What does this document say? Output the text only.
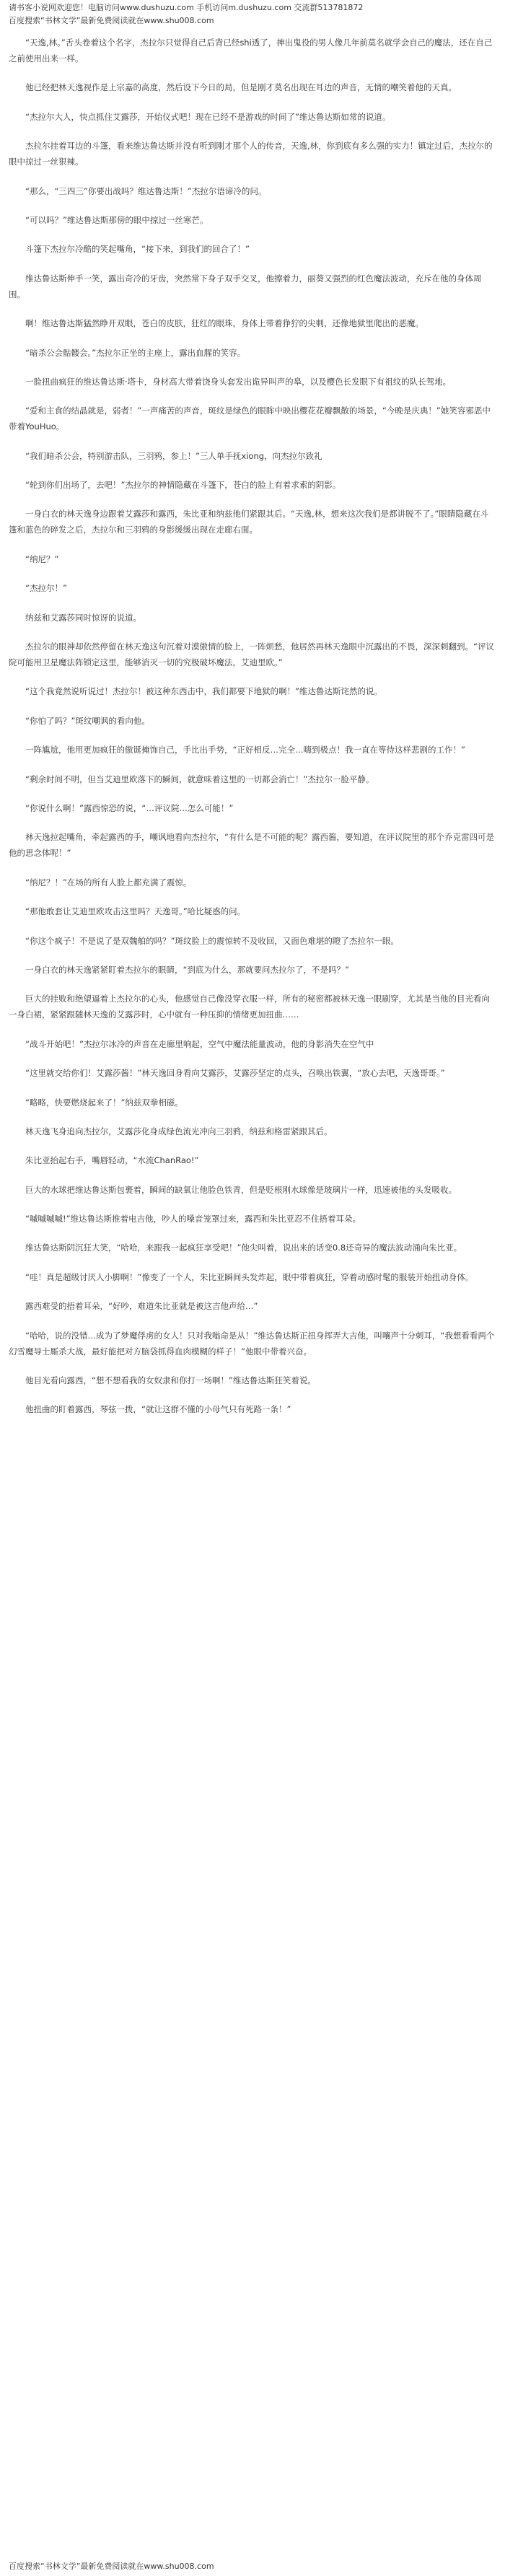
请书客小说网欢迎您！电脑访问www.dushuzu.com 手机访问m.dushuzu.com 交流群513781872
百度搜索“书林文学”最新免费阅读就在www.shu008.com

“天逸,林。”舌头卷着这个名字，杰拉尔只觉得自己后背已经shi透了，抻出鬼役的男人像几年前莫名就学会自己的魔法，还在自己之前使用出来一样。

他已经把林天逸视作是上宗嘉的高度，然后设下今日的局，但是刚才莫名出现在耳边的声音，无情的嘲笑着他的天真。

“杰拉尔大人，快点抓住艾露莎，开始仪式吧！现在已经不是游戏的时间了”维达鲁达斯如常的说道。

杰拉尔挂着耳边的斗篷，看来维达鲁达斯并没有听到刚才那个人的传音，天逸,林，你到底有多么强的实力！镇定过后，杰拉尔的眼中掠过一丝狠辣。

“那么，“三四三”你要出战吗？维达鲁达斯！”杰拉尔语谛冷的问。

“可以吗？”维达鲁达斯那傍的眼中掠过一丝寒芒。

斗篷下杰拉尔冷酷的笑起嘴角，“接下来，到我们的回合了！”

维达鲁达斯伸手一笑，露出奇冷的牙齿，突然常下身子双手交叉，他擦着力，丽葵又强烈的红色魔法波动，充斥在他的身体周围。

啊！维达鲁达斯猛然睁开双眼，苍白的皮肤，狂红的眼珠，身体上带着狰狞的尖刺，还像地狱里爬出的恶魔。

“暗杀公会骷髅会。”杰拉尔正坐的主座上，露出血腥的笑容。

一脸扭曲疯狂的维达鲁达斯·塔卡，身材高大带着饶身头套发出诡异叫声的皋，以及樱色长发眼下有祖纹的队长驾地。

“爱和主食的结晶就是，弱者！”一声痛苦的声音，斑纹是绿色的眼眸中映出樱花花瓣飘散的场景，“今晚是庆典！”她笑容邪恶中带着YouHuo。

“我们暗杀公会，特别游击队，三羽鸦，参上！”三人单手抚xiong，向杰拉尔致礼

“轮到你们出场了，去吧！”杰拉尔的神情隐藏在斗篷下，苍白的脸上有着求索的阴影。

一身白衣的林天逸身边跟着艾露莎和露西，朱比亚和纳兹他们紧跟其后。“天逸,林，想来这次我们是都讲脱不了。”眼睛隐藏在斗篷和蓝色的碎发之后，杰拉尔和三羽鸦的身影缓缓出现在走廊右面。

“纳尼？”

“杰拉尔！”

纳兹和艾露莎同时惊讶的说道。

杰拉尔的眼神却依然停留在林天逸这句沉着对漠傲情的脸上，一阵烦愁，他居然再林天逸眼中沉露出的不畏，深深刺翻到。“评议院可能用卫星魔法阵锁定这里，能够消灭一切的究极破坏魔法，艾迪里欧。”

“这个我竟然说听说过！杰拉尔！被这种东西击中，我们都要下地狱的啊！”维达鲁达斯诧然的说。

“你怕了吗？”斑纹嘲讽的看向他。

一阵尴尬，他用更加疯狂的傲诞掩饰自己，手比出手势，“正好相反…完全…嗨到极点！我一直在等待这样悲剧的工作！”

“剩余时间不明，但当艾迪里欧落下的瞬间，就意味着这里的一切都会消亡！”杰拉尔一脸平静。

“你说什么啊！”露西惊恐的说，“…评议院…怎么可能！”

林天逸拉起嘴角，牵起露西的手，嘲讽地看向杰拉尔，“有什么是不可能的呢？露西酱，要知道，在评议院里的那个乔克雷四可是他的思念体呢！”

“纳尼？！”在场的所有人脸上都充满了震惊。

“那他敢套让艾迪里欧攻击这里吗？天逸哥。”哈比疑惑的问。

“你这个疯子！不是说了是双魏舶的吗？”斑纹脸上的震惊转不及收回，又面色难堪的瞪了杰拉尔一眼。

一身白衣的林天逸紧紧盯着杰拉尔的眼睛，“到底为什么，那就要问杰拉尔了，不是吗？”

巨大的挂败和绝望逼着上杰拉尔的心头，他感觉自己像没穿衣服一样，所有的秘密都被林天逸一眼刷穿，尤其是当他的目光看向一身白裙，紧紧跟随林天逸的艾露莎时，心中就有一种压抑的情绪更加扭曲……

“战斗开始吧！”杰拉尔冰冷的声音在走廊里响起，空气中魔法能量波动，他的身影消失在空气中

“这里就交给你们！艾露莎酱！”林天逸回身看向艾露莎，艾露莎坚定的点头，召唤出铁翼，“放心去吧，天逸哥哥。”

“略略，快要燃烧起来了！”纳兹双拳相磁。

林天逸飞身追向杰拉尔，艾露莎化身成绿色流光冲向三羽鸦，纳兹和格雷紧跟其后。

朱比亚抬起右手，嘴唇轻动，“水流ChanRao!”

巨大的水球把维达鲁达斯包裹着，瞬间的缺氧让他脸色铁青，但是贬根刚水球像是玻璃片一样，迅速被他的头发吸收。

“嘁嘁嘁嘁!”维达鲁达斯推着电吉他，吵人的嗓音笼罩过来，露西和朱比亚忍不住捂着耳朵。

维达鲁达斯阴沉狂大笑，“哈哈，来跟我一起疯狂享受吧！”他尖叫着，说出来的话变0.8还奇异的魔法波动涌向朱比亚。

“哇！真是超级讨厌人小脚啊！”像变了一个人，朱比亚瞬间头发炸起，眼中带着疯狂，穿着动感时髦的服装开始扭动身体。

露西难受的捂着耳朵，“好吵，难道朱比亚就是被这吉他声给…”

“哈哈，说的没错…成为了梦魔俘虏的女人！只对我嗡命是从！”维达鲁达斯正扭身挥弄大吉他，叫嚷声十分刺耳，“我想看看两个幻雪魔导士厮杀大战，最好能把对方脑袋抓得血肉模糊的样子！”他眼中带着兴奋。

他目光看向露西，“想不想看我的女奴隶和你打一场啊！”维达鲁达斯狂笑着说。

他扭曲的盯着露西，琴弦一拨，“就让这群不懂的小母气只有死路一条！”

百度搜索“书林文学”最新免费阅读就在www.shu008.com
